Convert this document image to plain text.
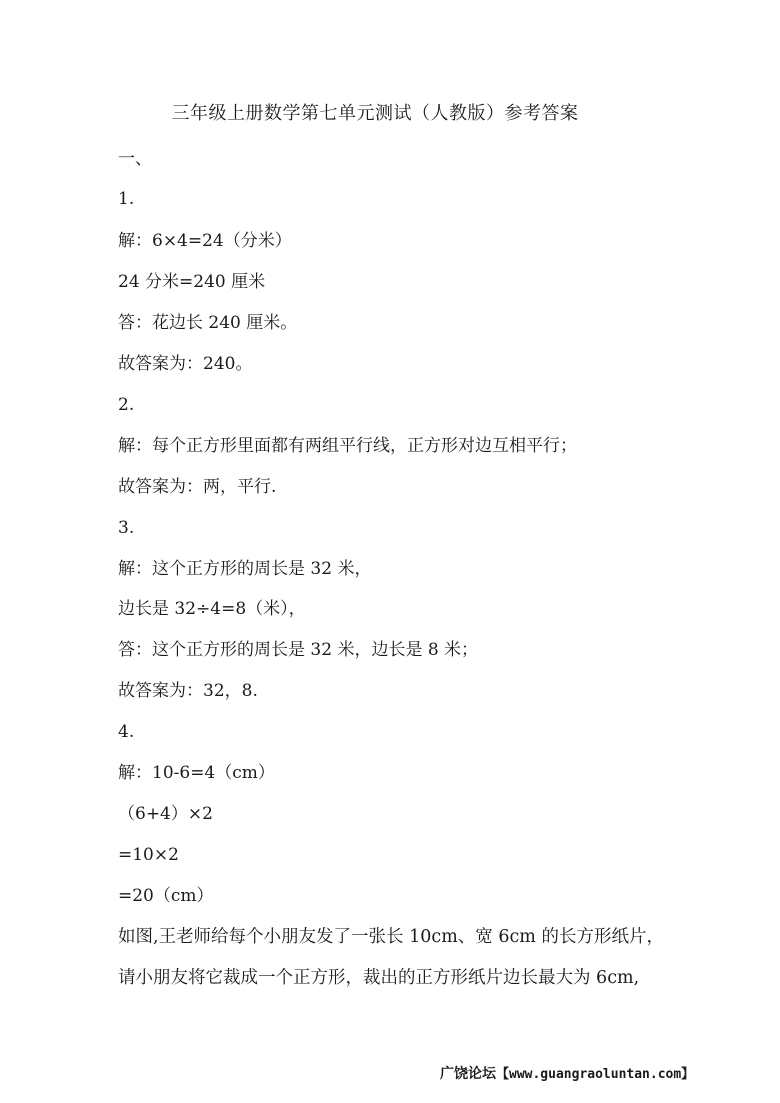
三年级上册数学第七单元测试（人教版）参考答案
一、
1.
解：6×4=24（分米）
24 分米=240 厘米
答：花边长 240 厘米。
故答案为：240。
2.
解：每个正方形里面都有两组平行线，正方形对边互相平行；
故答案为：两，平行.
3.
解：这个正方形的周长是 32 米，
边长是 32÷4=8（米），
答：这个正方形的周长是 32 米，边长是 8 米；
故答案为：32，8.
4.
解：10-6=4（cm）
（6+4）×2
=10×2
=20（cm）
如图,王老师给每个小朋友发了一张长 10cm、宽 6cm 的长方形纸片，
请小朋友将它裁成一个正方形，裁出的正方形纸片边长最大为 6cm,
广饶论坛【www.guangraoluntan.com】
